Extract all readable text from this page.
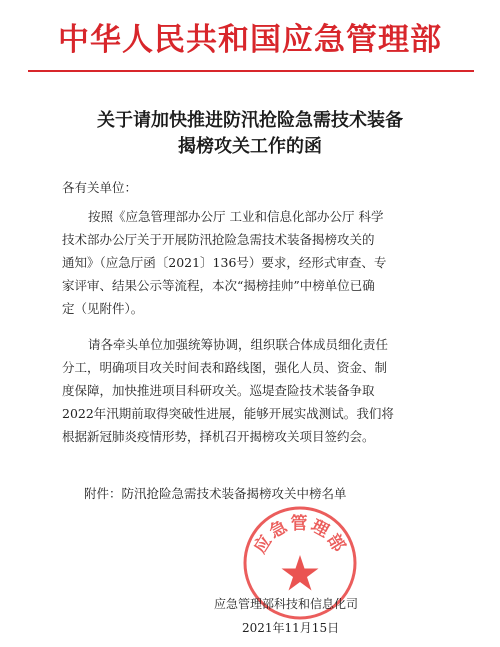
中华人民共和国应急管理部
关于请加快推进防汛抢险急需技术装备
揭榜攻关工作的函
各有关单位：
按照《应急管理部办公厅 工业和信息化部办公厅 科学
技术部办公厅关于开展防汛抢险急需技术装备揭榜攻关的
通知》（应急厅函〔2021〕136号）要求，经形式审查、专
家评审、结果公示等流程，本次“揭榜挂帅”中榜单位已确
定（见附件）。
请各牵头单位加强统筹协调，组织联合体成员细化责任
分工，明确项目攻关时间表和路线图，强化人员、资金、制
度保障，加快推进项目科研攻关。巡堤查险技术装备争取
2022年汛期前取得突破性进展，能够开展实战测试。我们将
根据新冠肺炎疫情形势，择机召开揭榜攻关项目签约会。
附件：防汛抢险急需技术装备揭榜攻关中榜名单
应急管理部
应急管理部科技和信息化司
2021年11月15日
